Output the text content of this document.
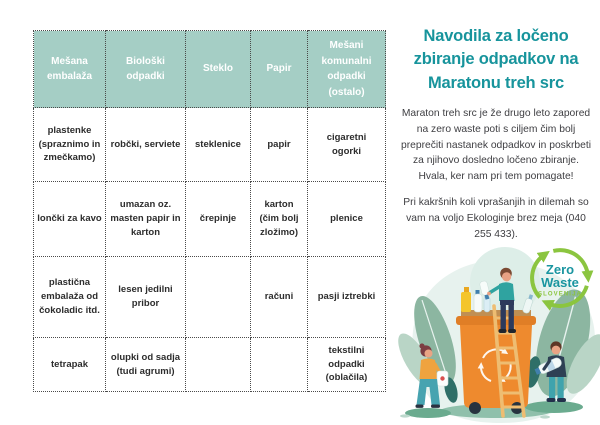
Mešana embalaža	Biološki odpadki	Steklo	Papir	Mešani komunalni odpadki (ostalo)
plastenke (spraznimo in zmečkamo)	robčki, serviete	steklenice	papir	cigaretni ogorki
lončki za kavo	umazan oz. masten papir in karton	črepinje	karton (čim bolj zložimo)	plenice
plastična embalaža od čokoladic itd.	lesen jedilni pribor		računi	pasji iztrebki
tetrapak	olupki od sadja (tudi agrumi)			tekstilni odpadki (oblačila)
Navodila za ločeno zbiranje odpadkov na Maratonu treh src

Maraton treh src je že drugo leto zapored na zero waste poti s ciljem čim bolj preprečiti nastanek odpadkov in poskrbeti za njihovo dosledno ločeno zbiranje. Hvala, ker nam pri tem pomagate!

Pri kakršnih koli vprašanjih in dilemah so vam na voljo Ekologinje brez meja (040 255 433).

Zero
Waste
SLOVENIJA
